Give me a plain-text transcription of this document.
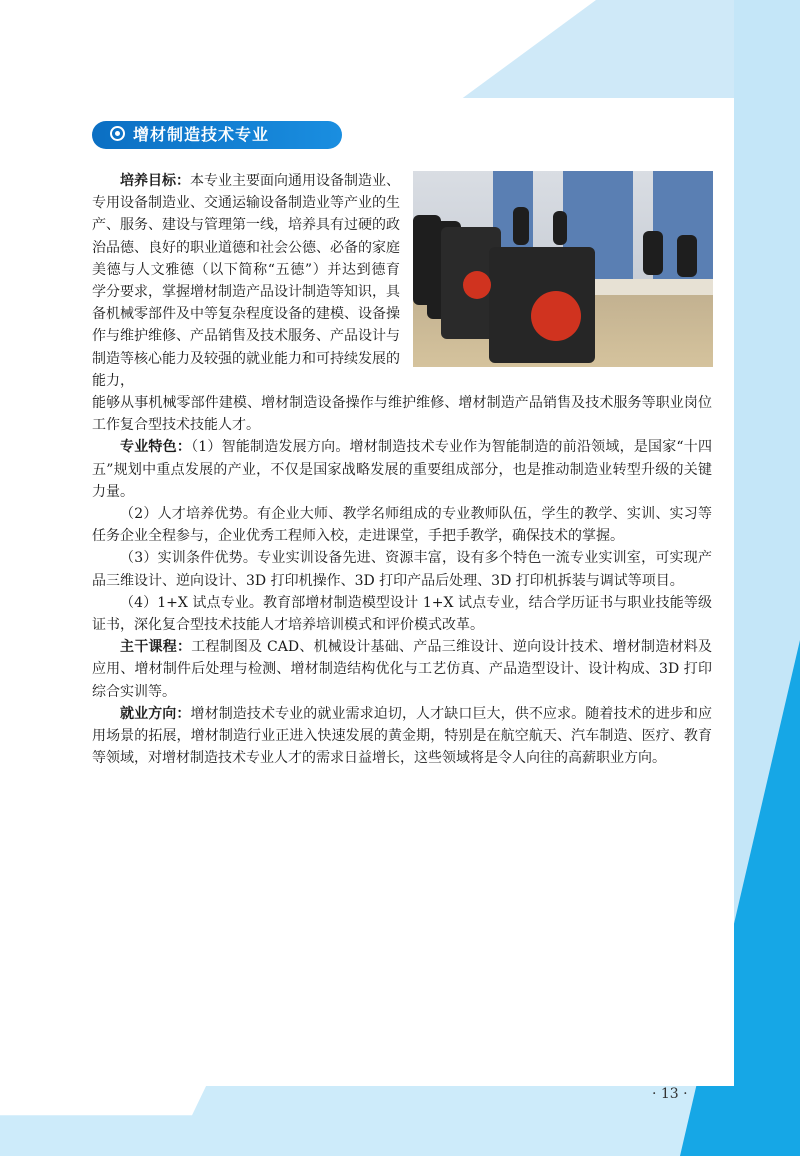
增材制造技术专业

培养目标：本专业主要面向通用设备制造业、专用设备制造业、交通运输设备制造业等产业的生产、服务、建设与管理第一线，培养具有过硬的政治品德、良好的职业道德和社会公德、必备的家庭美德与人文雅德（以下简称“五德”）并达到德育学分要求，掌握增材制造产品设计制造等知识，具备机械零部件及中等复杂程度设备的建模、设备操作与维护维修、产品销售及技术服务、产品设计与制造等核心能力及较强的就业能力和可持续发展的能力，

能够从事机械零部件建模、增材制造设备操作与维护维修、增材制造产品销售及技术服务等职业岗位工作复合型技术技能人才。

专业特色：（1）智能制造发展方向。增材制造技术专业作为智能制造的前沿领域，是国家“十四五”规划中重点发展的产业，不仅是国家战略发展的重要组成部分，也是推动制造业转型升级的关键力量。

（2）人才培养优势。有企业大师、教学名师组成的专业教师队伍，学生的教学、实训、实习等任务企业全程参与，企业优秀工程师入校，走进课堂，手把手教学，确保技术的掌握。

（3）实训条件优势。专业实训设备先进、资源丰富，设有多个特色一流专业实训室，可实现产品三维设计、逆向设计、3D 打印机操作、3D 打印产品后处理、3D 打印机拆装与调试等项目。

（4）1+X 试点专业。教育部增材制造模型设计 1+X 试点专业，结合学历证书与职业技能等级证书，深化复合型技术技能人才培养培训模式和评价模式改革。

主干课程：工程制图及 CAD、机械设计基础、产品三维设计、逆向设计技术、增材制造材料及应用、增材制件后处理与检测、增材制造结构优化与工艺仿真、产品造型设计、设计构成、3D 打印综合实训等。

就业方向：增材制造技术专业的就业需求迫切，人才缺口巨大，供不应求。随着技术的进步和应用场景的拓展，增材制造行业正进入快速发展的黄金期，特别是在航空航天、汽车制造、医疗、教育等领域，对增材制造技术专业人才的需求日益增长，这些领域将是令人向往的高薪职业方向。

· 13 ·
